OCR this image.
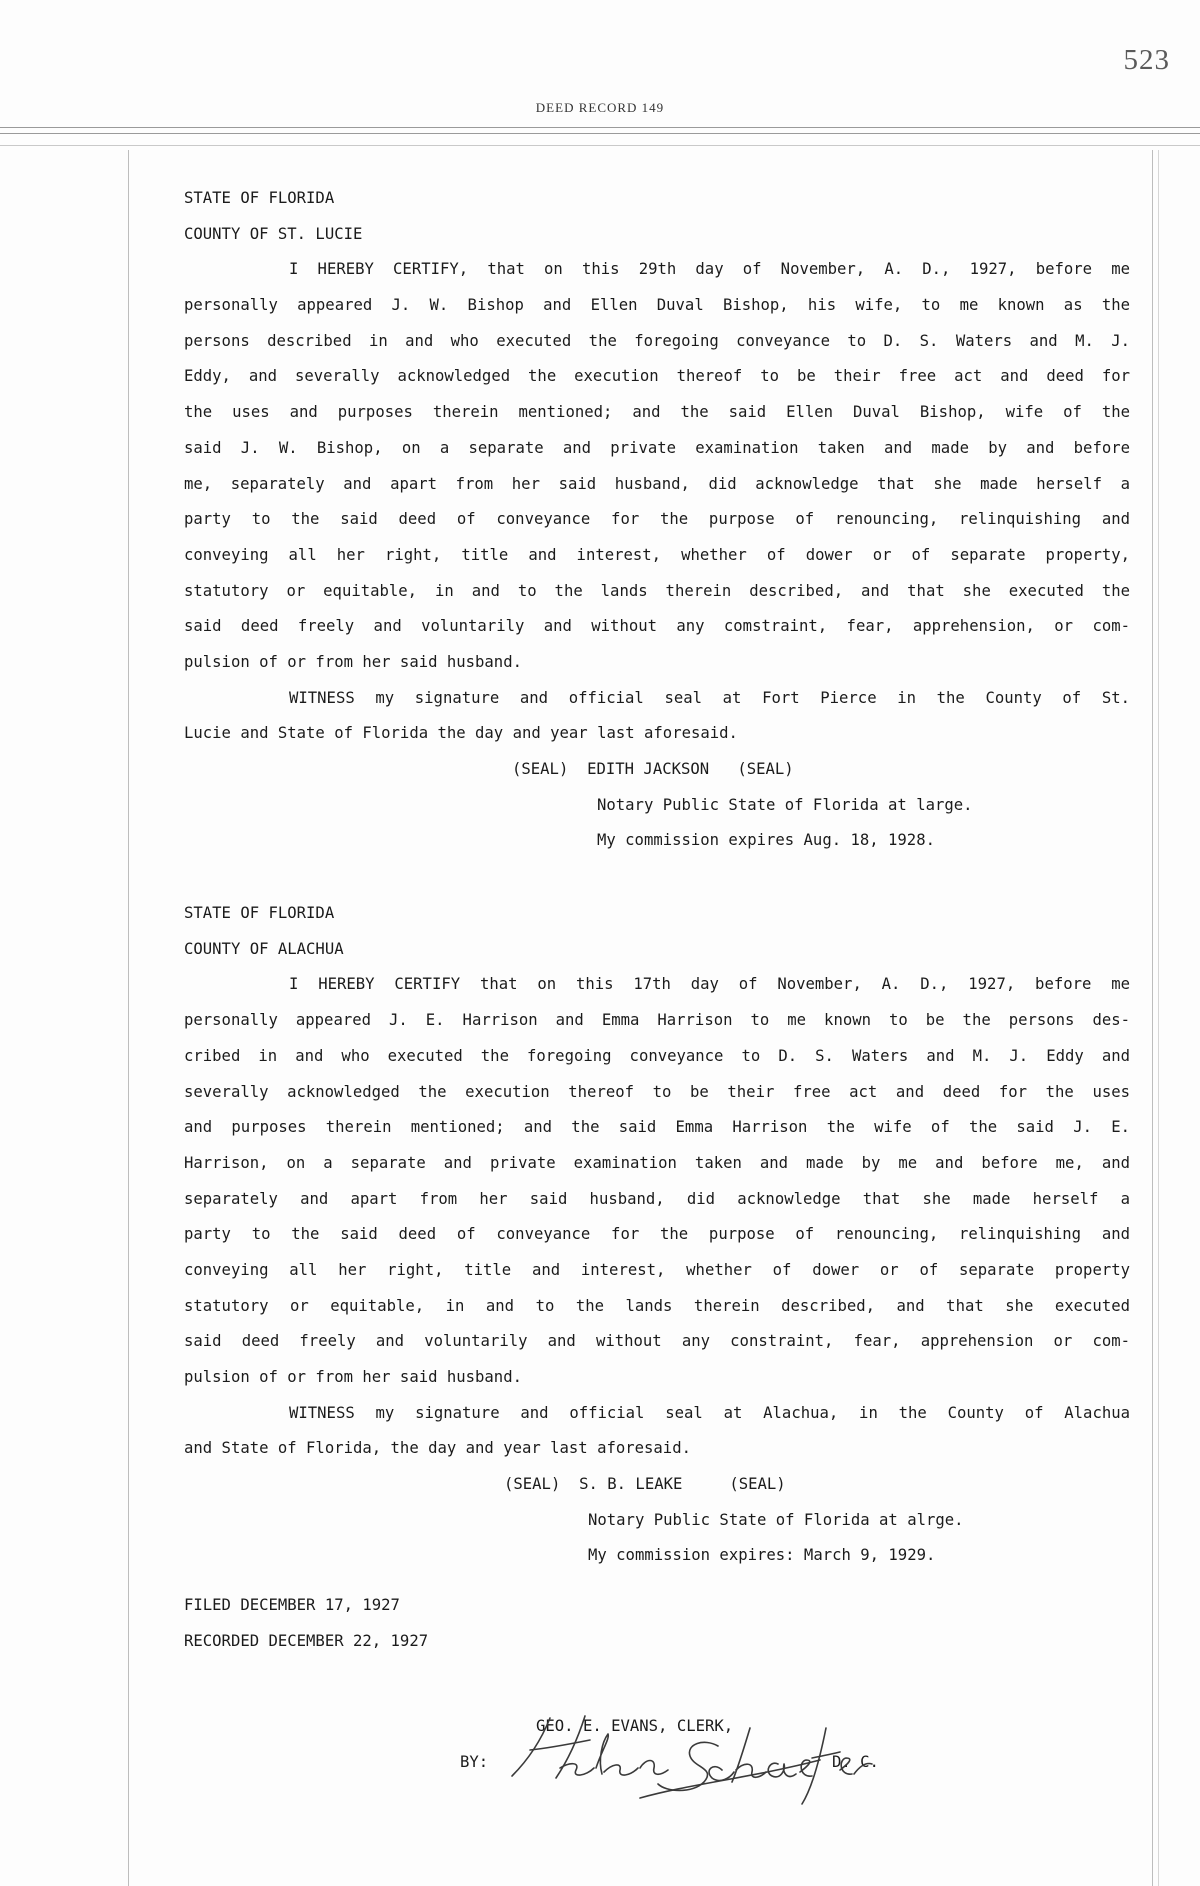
523
DEED RECORD 149
STATE OF FLORIDA
COUNTY OF ST. LUCIE
I HEREBY CERTIFY, that on this 29th day of November, A. D., 1927, before me
personally appeared J. W. Bishop and Ellen Duval Bishop, his wife, to me known as the
persons described in and who executed the foregoing conveyance to D. S. Waters and M. J.
Eddy, and severally acknowledged the execution thereof to be their free act and deed for
the uses and purposes therein mentioned; and the said Ellen Duval Bishop, wife of the
said J. W. Bishop, on a separate and private examination taken and made by and before
me, separately and apart from her said husband, did acknowledge that she made herself a
party to the said deed of conveyance for the purpose of renouncing, relinquishing and
conveying all her right, title and interest, whether of dower or of separate property,
statutory or equitable, in and to the lands therein described, and that she executed the
said deed freely and voluntarily and without any comstraint, fear, apprehension, or com-
pulsion of or from her said husband.
WITNESS my signature and official seal at Fort Pierce in the County of St.
Lucie and State of Florida the day and year last aforesaid.
(SEAL)  EDITH JACKSON   (SEAL)
Notary Public State of Florida at large.
My commission expires Aug. 18, 1928.
STATE OF FLORIDA
COUNTY OF ALACHUA
I HEREBY CERTIFY that on this 17th day of November, A. D., 1927, before me
personally appeared J. E. Harrison and Emma Harrison to me known to be the persons des-
cribed in and who executed the foregoing conveyance to D. S. Waters and M. J. Eddy and
severally acknowledged the execution thereof to be their free act and deed for the uses
and purposes therein mentioned; and the said Emma Harrison the wife of the said J. E.
Harrison, on a separate and private examination taken and made by me and before me, and
separately and apart from her said husband, did acknowledge that she made herself a
party to the said deed of conveyance for the purpose of renouncing, relinquishing and
conveying all her right, title and interest, whether of dower or of separate property
statutory or equitable, in and to the lands therein described, and that she executed
said deed freely and voluntarily and without any constraint, fear, apprehension or com-
pulsion of or from her said husband.
WITNESS my signature and official seal at Alachua, in the County of Alachua
and State of Florida, the day and year last aforesaid.
(SEAL)  S. B. LEAKE     (SEAL)
Notary Public State of Florida at alrge.
My commission expires: March 9, 1929.
FILED DECEMBER 17, 1927
RECORDED DECEMBER 22, 1927
GEO. E. EVANS, CLERK,
BY:	D. C.
